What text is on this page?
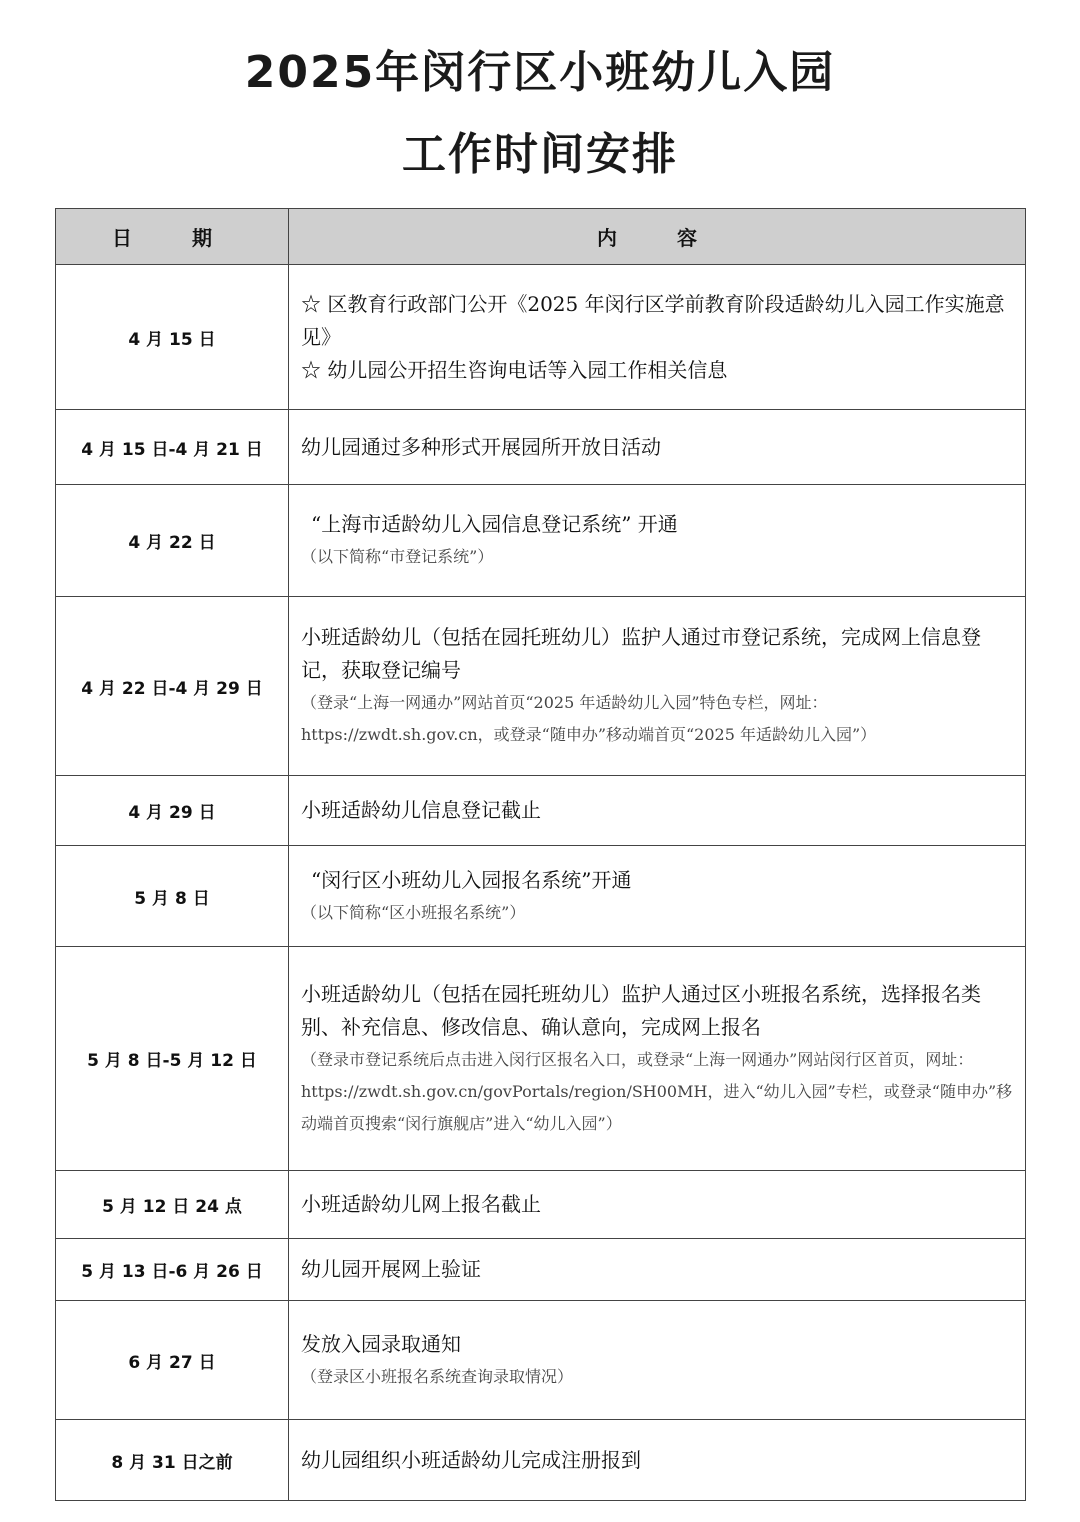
2025年闵行区小班幼儿入园
工作时间安排
日　期	内　容
4 月 15 日	☆ 区教育行政部门公开《2025 年闵行区学前教育阶段适龄幼儿入园工作实施意见》
☆ 幼儿园公开招生咨询电话等入园工作相关信息

4 月 15 日-4 月 21 日	幼儿园通过多种形式开展园所开放日活动

4 月 22 日	“上海市适龄幼儿入园信息登记系统” 开通
（以下简称“市登记系统”）

4 月 22 日-4 月 29 日	小班适龄幼儿（包括在园托班幼儿）监护人通过市登记系统，完成网上信息登记，获取登记编号
（登录“上海一网通办”网站首页“2025 年适龄幼儿入园”特色专栏，网址：https://zwdt.sh.gov.cn，或登录“随申办”移动端首页“2025 年适龄幼儿入园”）

4 月 29 日	小班适龄幼儿信息登记截止

5 月 8 日	“闵行区小班幼儿入园报名系统”开通
（以下简称“区小班报名系统”）

5 月 8 日-5 月 12 日	小班适龄幼儿（包括在园托班幼儿）监护人通过区小班报名系统，选择报名类别、补充信息、修改信息、确认意向，完成网上报名
（登录市登记系统后点击进入闵行区报名入口，或登录“上海一网通办”网站闵行区首页，网址：https://zwdt.sh.gov.cn/govPortals/region/SH00MH，进入“幼儿入园”专栏，或登录“随申办”移动端首页搜索“闵行旗舰店”进入“幼儿入园”）

5 月 12 日 24 点	小班适龄幼儿网上报名截止

5 月 13 日-6 月 26 日	幼儿园开展网上验证

6 月 27 日	发放入园录取通知
（登录区小班报名系统查询录取情况）

8 月 31 日之前	幼儿园组织小班适龄幼儿完成注册报到
